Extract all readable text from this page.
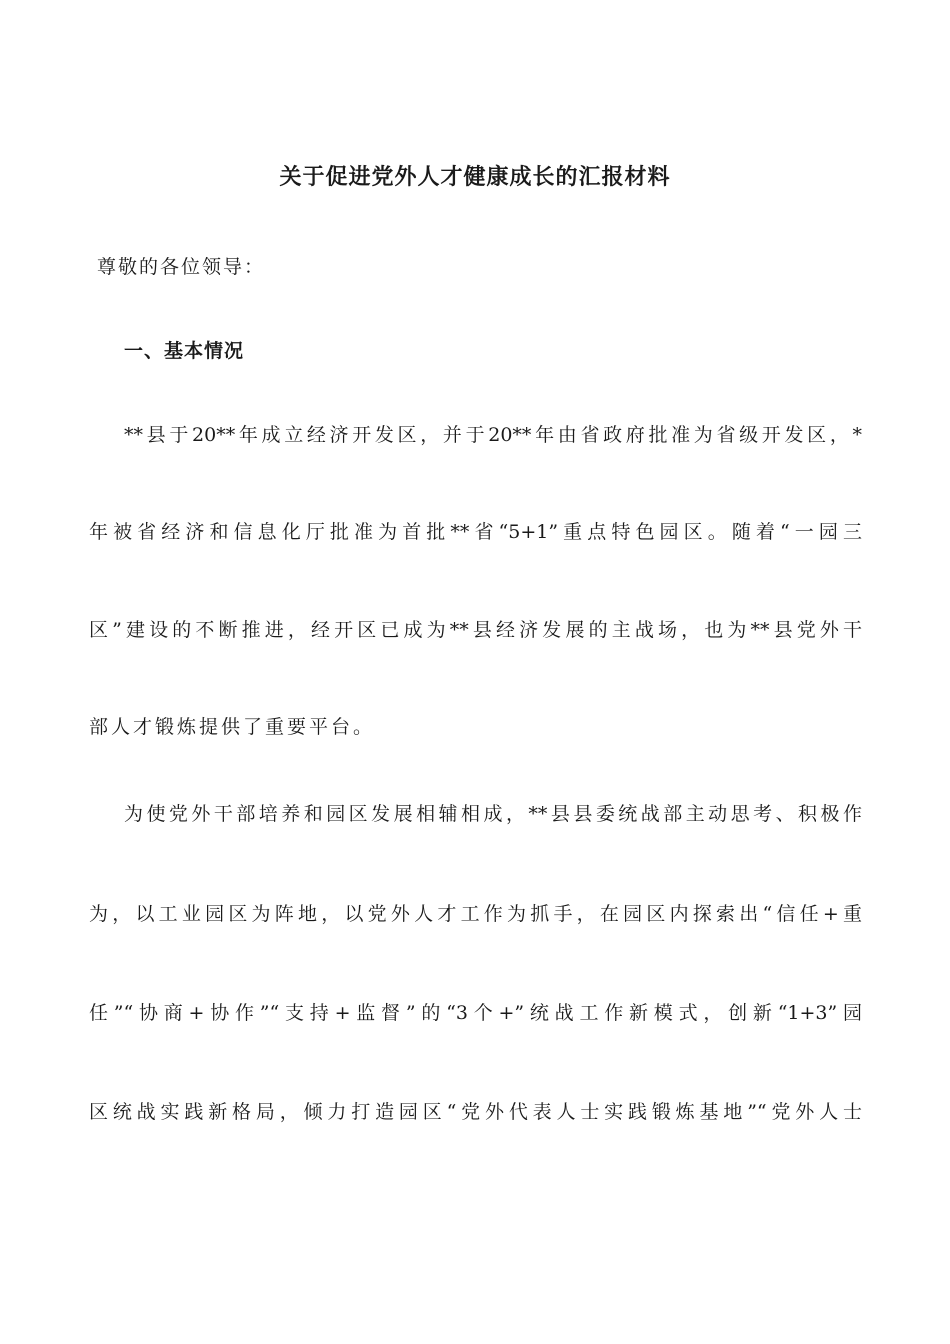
关于促进党外人才健康成长的汇报材料
尊敬的各位领导：
一、基本情况
**县于20**年成立经济开发区，并于20**年由省政府批准为省级开发区，*
年被省经济和信息化厅批准为首批**省“5+1”重点特色园区。随着“一园三
区”建设的不断推进，经开区已成为**县经济发展的主战场，也为**县党外干
部人才锻炼提供了重要平台。
为使党外干部培养和园区发展相辅相成，**县县委统战部主动思考、积极作
为，以工业园区为阵地，以党外人才工作为抓手，在园区内探索出“信任+重
任”“协商+协作”“支持+监督”的“3个+”统战工作新模式，创新“1+3”园
区统战实践新格局，倾力打造园区“党外代表人士实践锻炼基地”“党外人士
